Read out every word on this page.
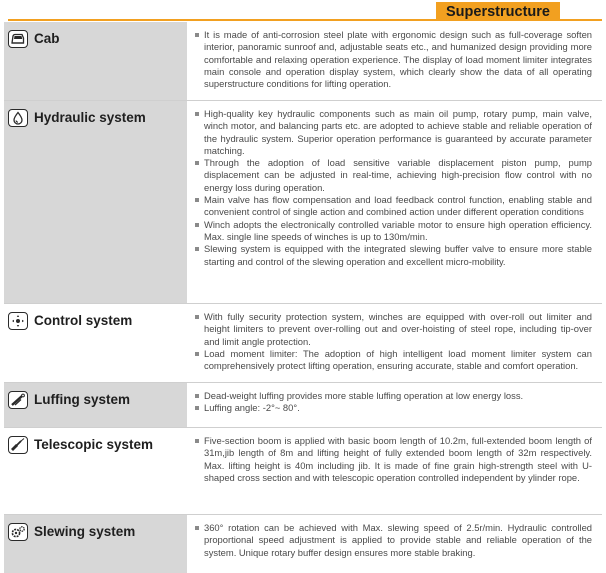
Superstructure
Cab	It is made of anti-corrosion steel plate with ergonomic design such as full-coverage soften interior, panoramic sunroof and, adjustable seats etc., and humanized design providing more comfortable and relaxing operation experience. The display of load moment limiter integrates main console and operation display system, which clearly show the data of all operating superstructure conditions for lifting operation.
Hydraulic system	High-quality key hydraulic components such as main oil pump, rotary pump, main valve, winch motor, and balancing parts etc. are adopted to achieve stable and reliable operation of the hydraulic system. Superior operation performance is guaranteed by accurate parameter matching.
Through the adoption of load sensitive variable displacement piston pump, pump displacement can be adjusted in real-time, achieving high-precision flow control with no energy loss during operation.
Main valve has flow compensation and load feedback control function, enabling stable and convenient control of single action and combined action under different operation conditions
Winch adopts the electronically controlled variable motor to ensure high operation efficiency. Max. single line speeds of winches is up to 130m/min.
Slewing system is equipped with the integrated slewing buffer valve to ensure more stable starting and control of the slewing operation and excellent micro-mobility.
Control system	With fully security protection system, winches are equipped with over-roll out limiter and height limiters to prevent over-rolling out and over-hoisting of steel rope, including tip-over and limit angle protection.
Load moment limiter: The adoption of high intelligent load moment limiter system can comprehensively protect lifting operation, ensuring accurate, stable and comfort operation.
Luffing system	Dead-weight luffing provides more stable luffing operation at low energy loss.
Luffing angle: -2°~ 80°.
Telescopic system	Five-section boom is applied with basic boom length of 10.2m, full-extended boom length of 31m,jib length of 8m and lifting height of fully extended boom length of 32m respectively. Max. lifting height is 40m including jib. It is made of fine grain high-strength steel with U-shaped cross section and with telescopic operation controlled independent by ylinder rope.
Slewing system	360° rotation can be achieved with Max. slewing speed of 2.5r/min. Hydraulic controlled proportional speed adjustment is applied to provide stable and reliable operation of the system. Unique rotary buffer design ensures more stable braking.
